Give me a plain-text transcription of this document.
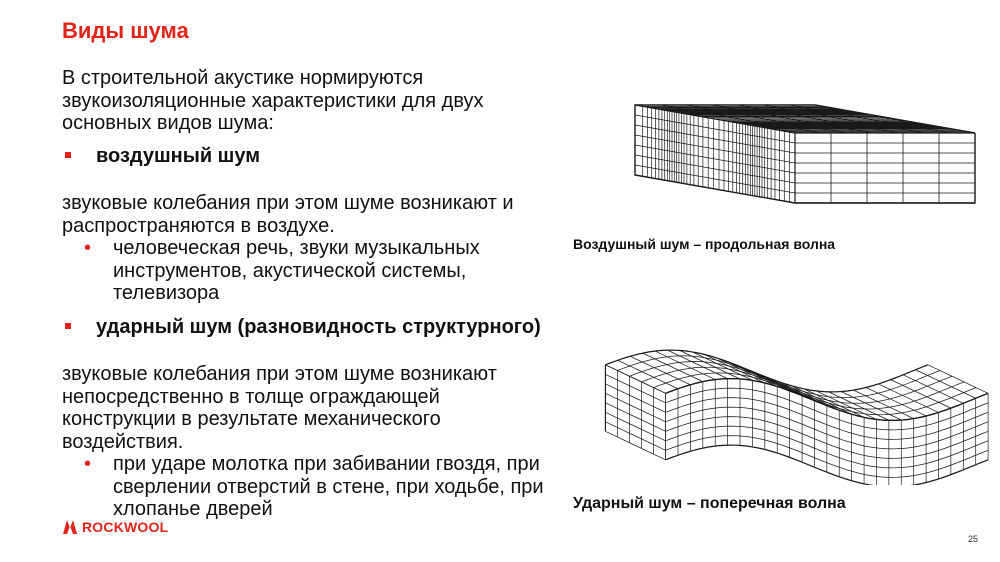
Виды шума
В строительной акустике нормируются
звукоизоляционные характеристики для двух
основных видов шума:
воздушный шум
звуковые колебания при этом шуме возникают и
распространяются в воздухе.
• человеческая речь, звуки музыкальных
инструментов, акустической системы,
телевизора
ударный шум (разновидность структурного)
звуковые колебания при этом шуме возникают
непосредственно в толще ограждающей
конструкции в результате механического
воздействия.
• при ударе молотка при забивании гвоздя, при
сверлении отверстий в стене, при ходьбе, при
хлопанье дверей
Воздушный шум – продольная волна
Ударный шум – поперечная волна
ROCKWOOL
25
